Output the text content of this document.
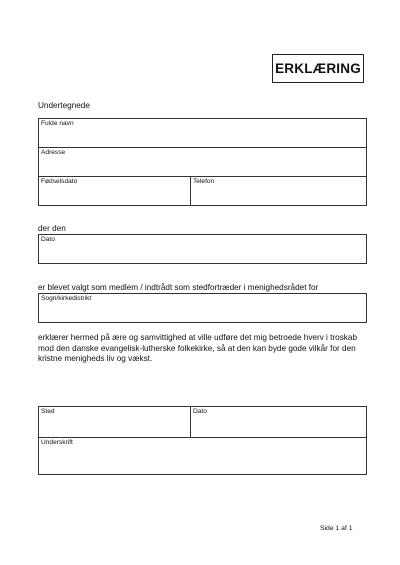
ERKLÆRING
Undertegnede
Fulde navn
Adresse
Fødselsdato	Telefon
der den
Dato
er blevet valgt som medlem / indtrådt som stedfortræder i menighedsrådet for
Sogn/kirkedistrikt
erklærer hermed på ære og samvittighed at ville udføre det mig betroede hverv i troskab mod den danske evangelisk-lutherske folkekirke, så at den kan byde gode vilkår for den kristne menigheds liv og vækst.
Sted	Dato
Underskrift
Side 1 af 1
